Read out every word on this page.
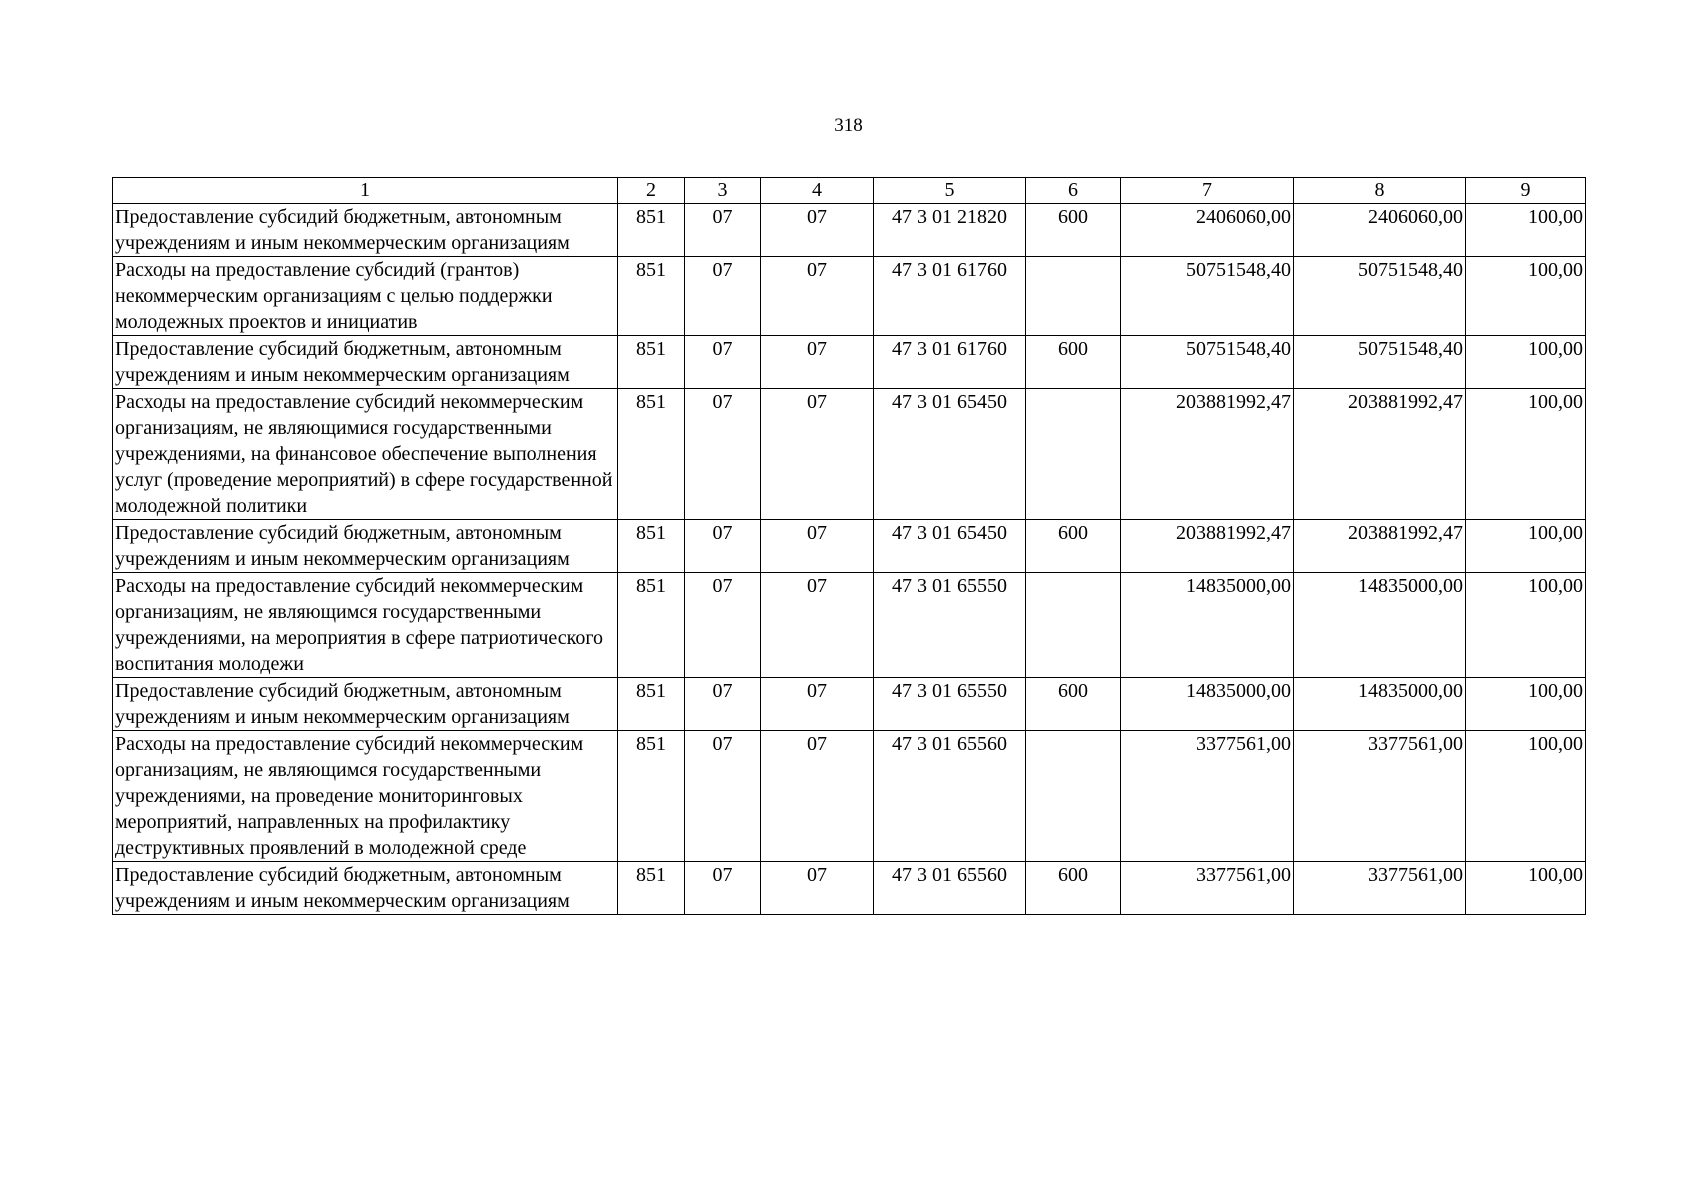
318
1	2	3	4	5	6	7	8	9
Предоставление субсидий бюджетным, автономным учреждениям и иным некоммерческим организациям	851	07	07	47 3 01 21820	600	2406060,00	2406060,00	100,00
Расходы на предоставление субсидий (грантов) некоммерческим организациям с целью поддержки молодежных проектов и инициатив	851	07	07	47 3 01 61760		50751548,40	50751548,40	100,00
Предоставление субсидий бюджетным, автономным учреждениям и иным некоммерческим организациям	851	07	07	47 3 01 61760	600	50751548,40	50751548,40	100,00
Расходы на предоставление субсидий некоммерческим организациям, не являющимися государственными учреждениями, на финансовое обеспечение выполнения услуг (проведение мероприятий) в сфере государственной молодежной политики	851	07	07	47 3 01 65450		203881992,47	203881992,47	100,00
Предоставление субсидий бюджетным, автономным учреждениям и иным некоммерческим организациям	851	07	07	47 3 01 65450	600	203881992,47	203881992,47	100,00
Расходы на предоставление субсидий некоммерческим организациям, не являющимся государственными учреждениями, на мероприятия в сфере патриотического воспитания молодежи	851	07	07	47 3 01 65550		14835000,00	14835000,00	100,00
Предоставление субсидий бюджетным, автономным учреждениям и иным некоммерческим организациям	851	07	07	47 3 01 65550	600	14835000,00	14835000,00	100,00
Расходы на предоставление субсидий некоммерческим организациям, не являющимся государственными учреждениями, на проведение мониторинговых мероприятий, направленных на профилактику деструктивных проявлений в молодежной среде	851	07	07	47 3 01 65560		3377561,00	3377561,00	100,00
Предоставление субсидий бюджетным, автономным учреждениям и иным некоммерческим организациям	851	07	07	47 3 01 65560	600	3377561,00	3377561,00	100,00
